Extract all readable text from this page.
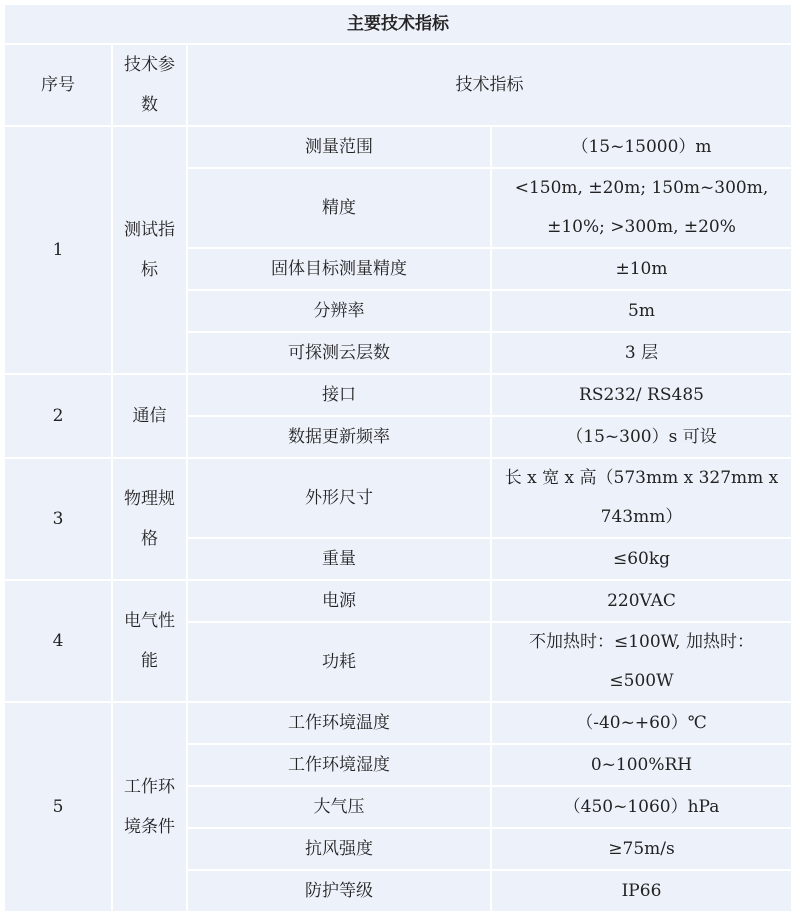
主要技术指标			
序号	技术参数	技术指标	
1	测试指标	测量范围	（15~15000）m
		精度	<150m, ±20m; 150m~300m, ±10%; >300m, ±20%
		固体目标测量精度	±10m
		分辨率	5m
		可探测云层数	3 层
2	通信	接口	RS232/ RS485
		数据更新频率	（15~300）s 可设
3	物理规格	外形尺寸	长 x 宽 x 高（573mm x 327mm x 743mm）
		重量	≤60kg
4	电气性能	电源	220VAC
		功耗	不加热时：≤100W, 加热时：≤500W
5	工作环境条件	工作环境温度	（-40~+60）℃
		工作环境湿度	0~100%RH
		大气压	（450~1060）hPa
		抗风强度	≥75m/s
		防护等级	IP66
